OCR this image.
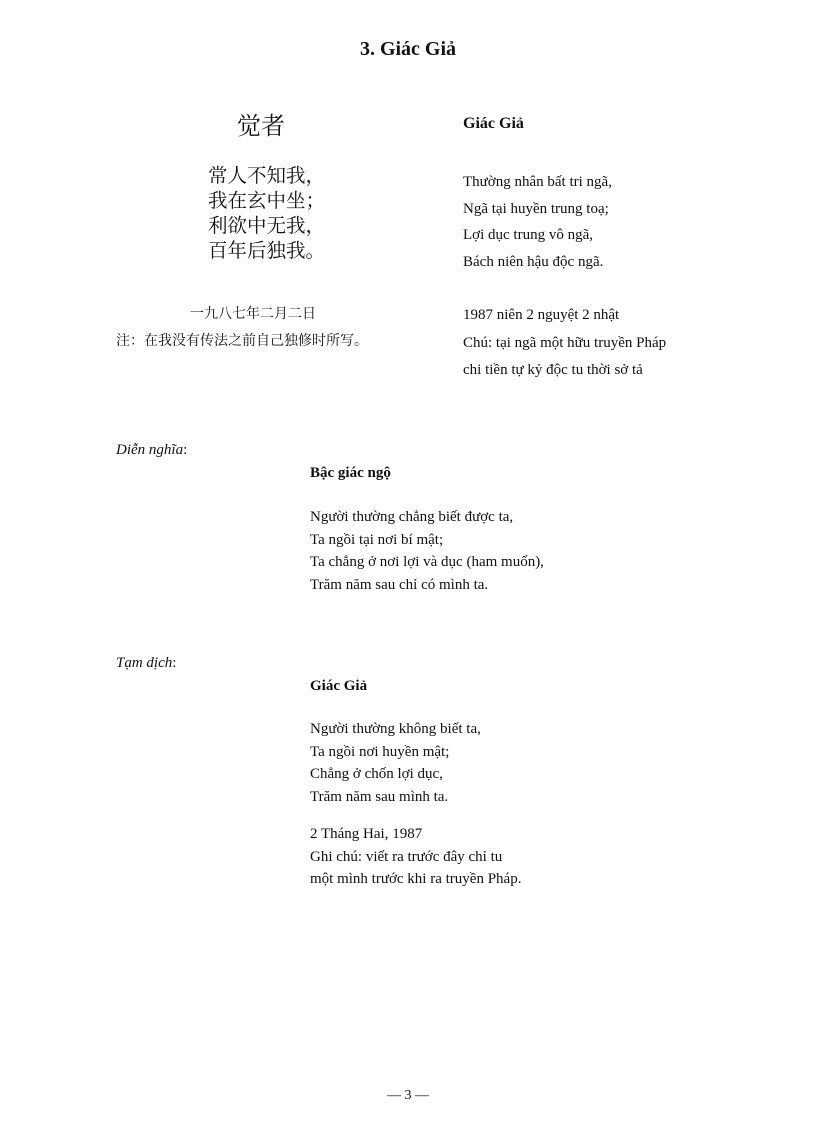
3. Giác Giả
觉者
常人不知我，
我在玄中坐；
利欲中无我，
百年后独我。
一九八七年二月二日
注：在我没有传法之前自己独修时所写。
Giác Giả
Thường nhân bất tri ngã,
Ngã tại huyền trung toạ;
Lợi dục trung vô ngã,
Bách niên hậu độc ngã.
1987 niên 2 nguyệt 2 nhật
Chú: tại ngã một hữu truyền Pháp
chi tiền tự kỷ độc tu thời sở tả
Diễn nghĩa:
Bậc giác ngộ
Người thường chẳng biết được ta,
Ta ngồi tại nơi bí mật;
Ta chẳng ở nơi lợi và dục (ham muốn),
Trăm năm sau chỉ có mình ta.
Tạm dịch:
Giác Giả
Người thường không biết ta,
Ta ngồi nơi huyền mật;
Chẳng ở chốn lợi dục,
Trăm năm sau mình ta.
2 Tháng Hai, 1987
Ghi chú: viết ra trước đây chỉ tu
một mình trước khi ra truyền Pháp.
— 3 —
